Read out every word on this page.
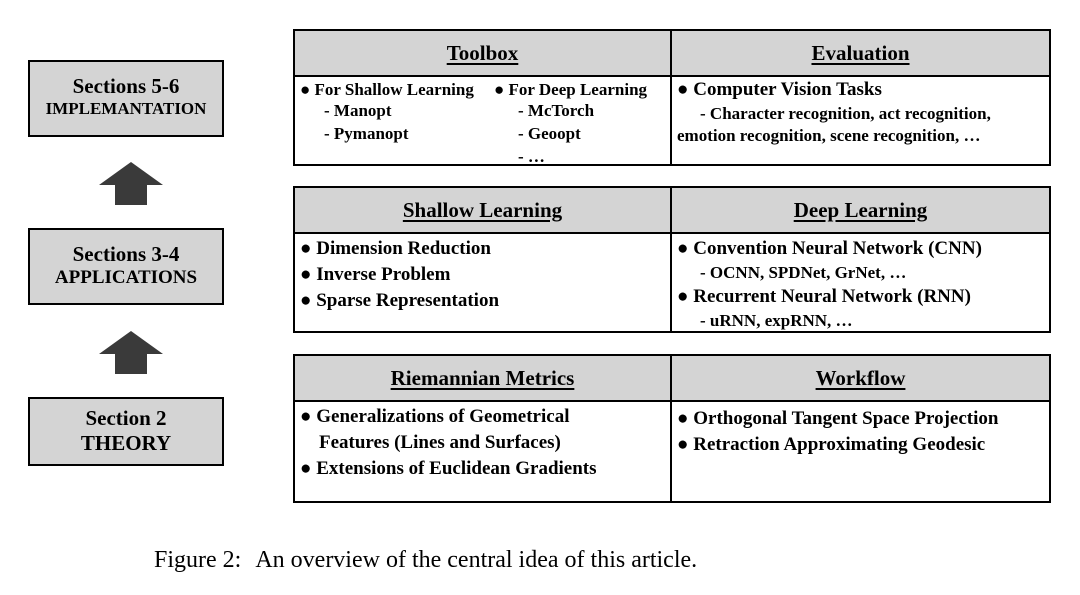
Sections 5-6
IMPLEMANTATION
Sections 3-4
APPLICATIONS
Section 2
THEORY
Toolbox
● For Shallow Learning
- Manopt
- Pymanopt
● For Deep Learning
- McTorch
- Geoopt
- …
Evaluation
● Computer Vision Tasks
- Character recognition, act recognition,
emotion recognition, scene recognition, …
Shallow Learning
● Dimension Reduction
● Inverse Problem
● Sparse Representation
Deep Learning
● Convention Neural Network (CNN)
- OCNN, SPDNet, GrNet, …
● Recurrent Neural Network (RNN)
- uRNN, expRNN, …
Riemannian Metrics
● Generalizations of Geometrical
Features (Lines and Surfaces)
● Extensions of Euclidean Gradients
Workflow
● Orthogonal Tangent Space Projection
● Retraction Approximating Geodesic
Figure 2: An overview of the central idea of this article.
